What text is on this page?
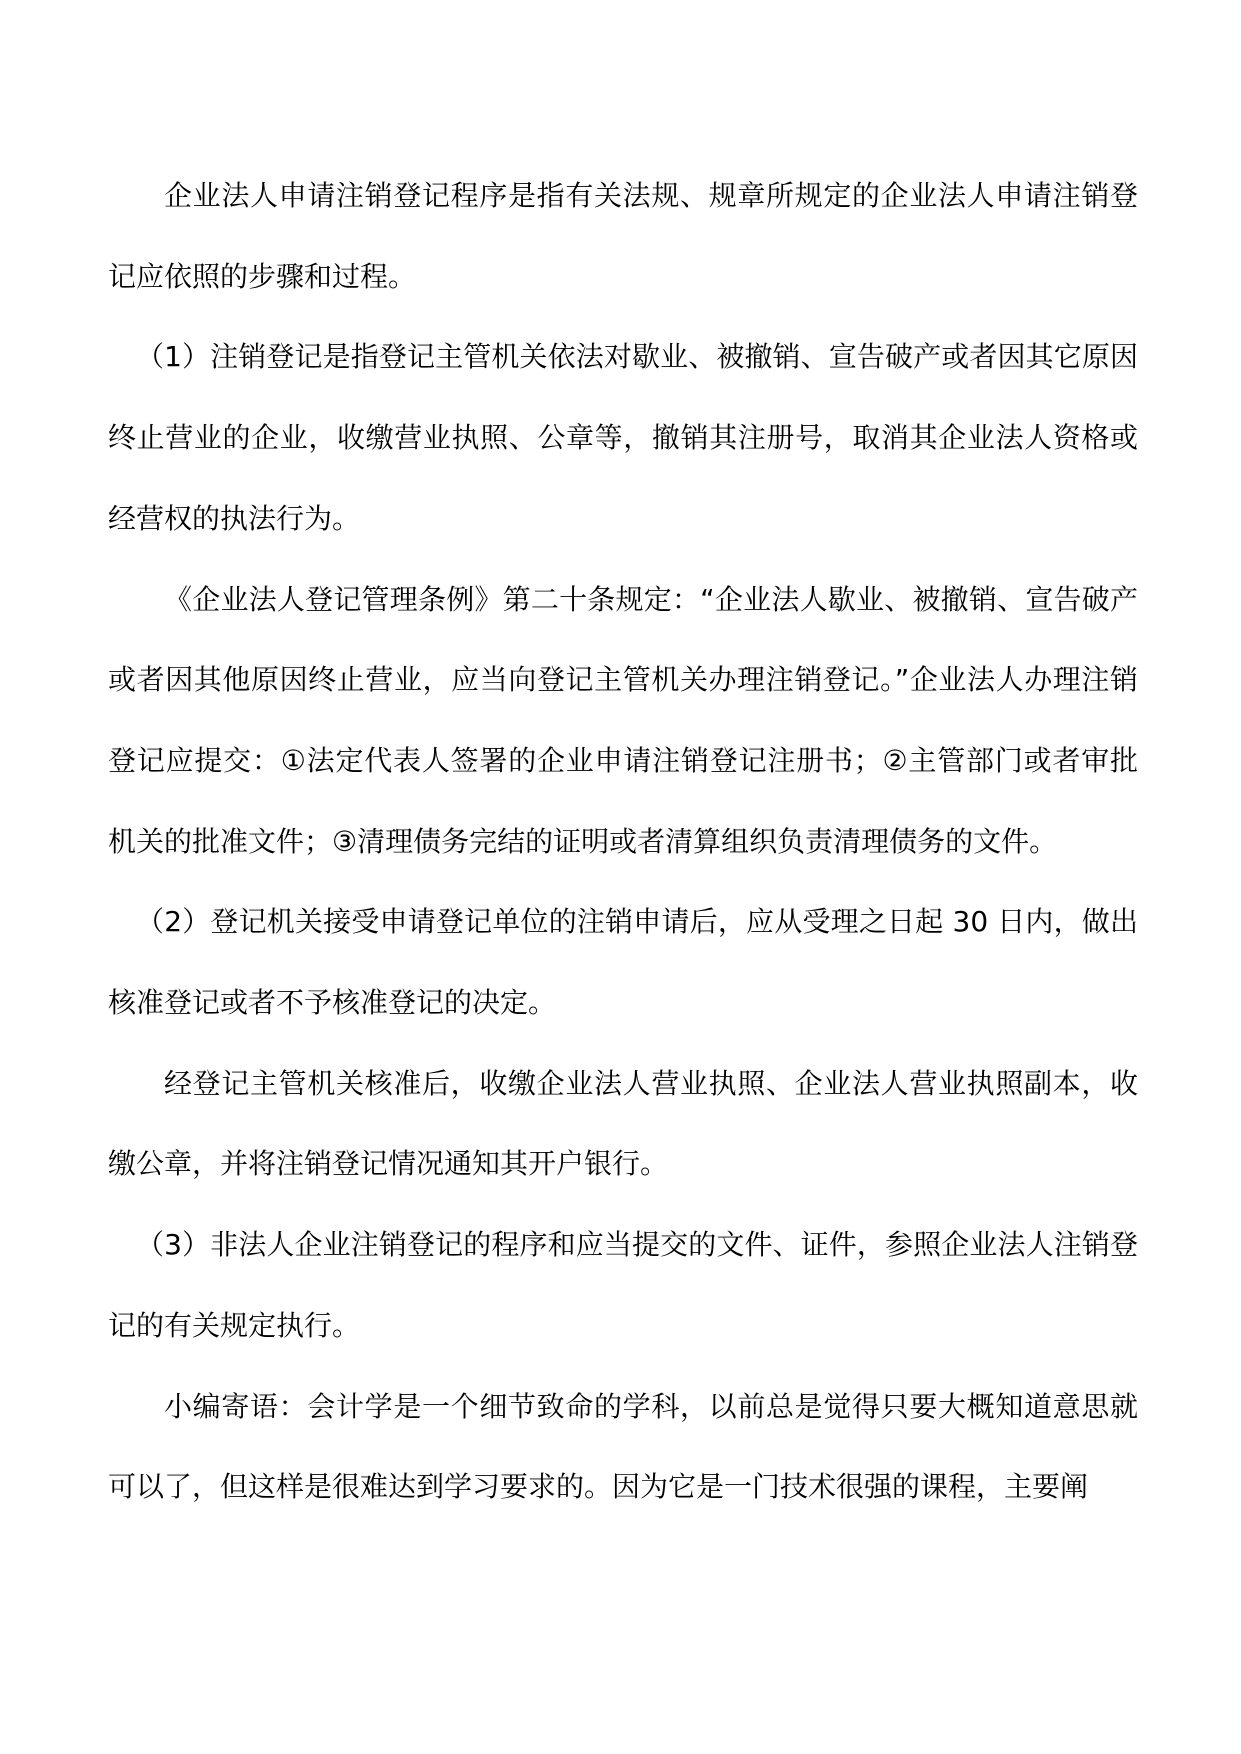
企业法人申请注销登记程序是指有关法规、规章所规定的企业法人申请注销登记应依照的步骤和过程。

（1）注销登记是指登记主管机关依法对歇业、被撤销、宣告破产或者因其它原因终止营业的企业，收缴营业执照、公章等，撤销其注册号，取消其企业法人资格或经营权的执法行为。

《企业法人登记管理条例》第二十条规定：“企业法人歇业、被撤销、宣告破产或者因其他原因终止营业，应当向登记主管机关办理注销登记。”企业法人办理注销登记应提交：①法定代表人签署的企业申请注销登记注册书；②主管部门或者审批机关的批准文件；③清理债务完结的证明或者清算组织负责清理债务的文件。

（2）登记机关接受申请登记单位的注销申请后，应从受理之日起 30 日内，做出核准登记或者不予核准登记的决定。

经登记主管机关核准后，收缴企业法人营业执照、企业法人营业执照副本，收缴公章，并将注销登记情况通知其开户银行。

（3）非法人企业注销登记的程序和应当提交的文件、证件，参照企业法人注销登记的有关规定执行。

小编寄语：会计学是一个细节致命的学科，以前总是觉得只要大概知道意思就可以了，但这样是很难达到学习要求的。因为它是一门技术很强的课程，主要阐
